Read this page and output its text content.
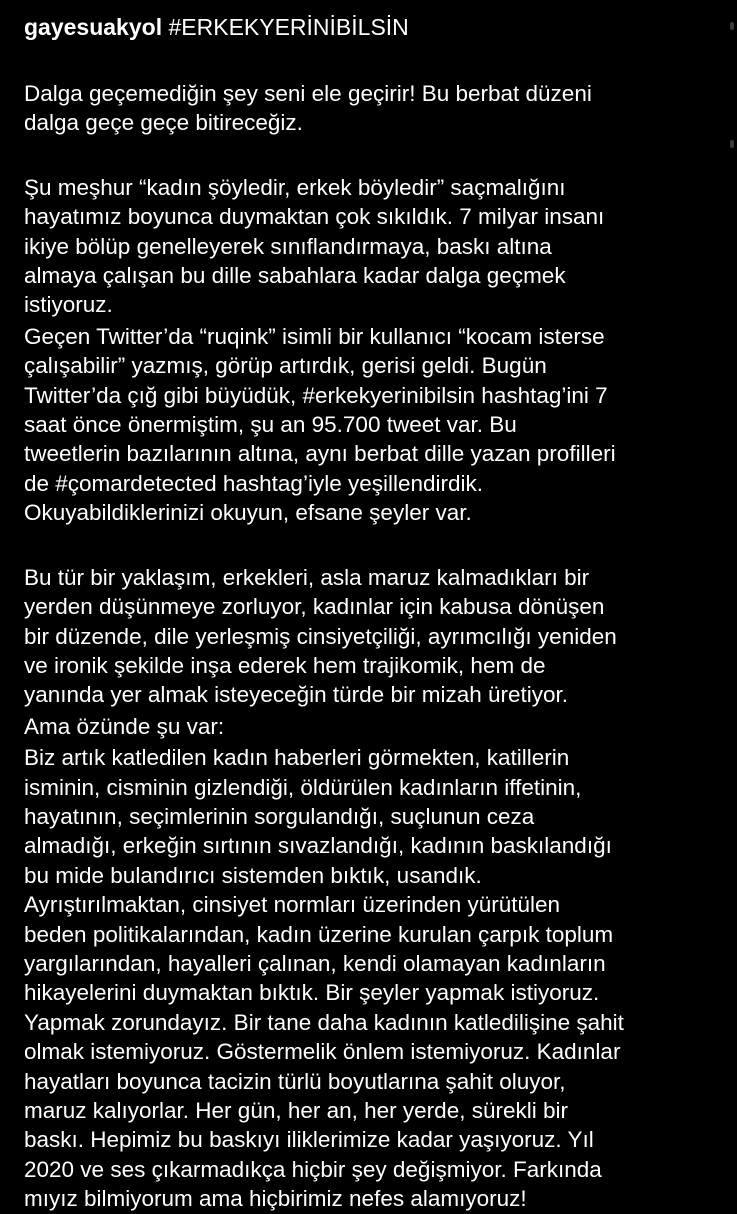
gayesuakyol #ERKEKYERİNİBİLSİN

Dalga geçemediğin şey seni ele geçirir! Bu berbat düzeni
dalga geçe geçe bitireceğiz.

Şu meşhur “kadın şöyledir, erkek böyledir” saçmalığını
hayatımız boyunca duymaktan çok sıkıldık. 7 milyar insanı
ikiye bölüp genelleyerek sınıflandırmaya, baskı altına
almaya çalışan bu dille sabahlara kadar dalga geçmek
istiyoruz.

Geçen Twitter’da “ruqink” isimli bir kullanıcı “kocam isterse
çalışabilir” yazmış, görüp artırdık, gerisi geldi. Bugün
Twitter’da çığ gibi büyüdük, #erkekyerinibilsin hashtag’ini 7
saat önce önermiştim, şu an 95.700 tweet var. Bu
tweetlerin bazılarının altına, aynı berbat dille yazan profilleri
de #çomardetected hashtag’iyle yeşillendirdik.
Okuyabildiklerinizi okuyun, efsane şeyler var.

Bu tür bir yaklaşım, erkekleri, asla maruz kalmadıkları bir
yerden düşünmeye zorluyor, kadınlar için kabusa dönüşen
bir düzende, dile yerleşmiş cinsiyetçiliği, ayrımcılığı yeniden
ve ironik şekilde inşa ederek hem trajikomik, hem de
yanında yer almak isteyeceğin türde bir mizah üretiyor.

Ama özünde şu var:

Biz artık katledilen kadın haberleri görmekten, katillerin
isminin, cisminin gizlendiği, öldürülen kadınların iffetinin,
hayatının, seçimlerinin sorgulandığı, suçlunun ceza
almadığı, erkeğin sırtının sıvazlandığı, kadının baskılandığı
bu mide bulandırıcı sistemden bıktık, usandık.
Ayrıştırılmaktan, cinsiyet normları üzerinden yürütülen
beden politikalarından, kadın üzerine kurulan çarpık toplum
yargılarından, hayalleri çalınan, kendi olamayan kadınların
hikayelerini duymaktan bıktık. Bir şeyler yapmak istiyoruz.
Yapmak zorundayız. Bir tane daha kadının katledilişine şahit
olmak istemiyoruz. Göstermelik önlem istemiyoruz. Kadınlar
hayatları boyunca tacizin türlü boyutlarına şahit oluyor,
maruz kalıyorlar. Her gün, her an, her yerde, sürekli bir
baskı. Hepimiz bu baskıyı iliklerimize kadar yaşıyoruz. Yıl
2020 ve ses çıkarmadıkça hiçbir şey değişmiyor. Farkında
mıyız bilmiyorum ama hiçbirimiz nefes alamıyoruz!
